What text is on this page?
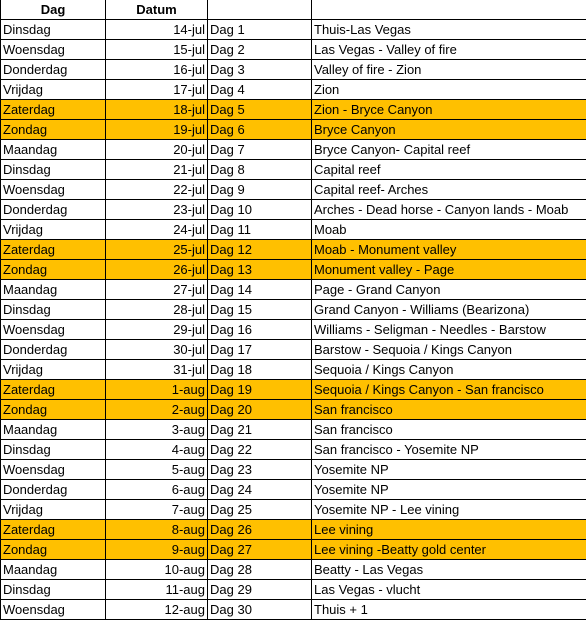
Dag	Datum		
Dinsdag	14-jul	Dag 1	Thuis-Las Vegas
Woensdag	15-jul	Dag 2	Las Vegas - Valley of fire
Donderdag	16-jul	Dag 3	Valley of fire - Zion
Vrijdag	17-jul	Dag 4	Zion
Zaterdag	18-jul	Dag 5	Zion - Bryce Canyon
Zondag	19-jul	Dag 6	Bryce Canyon
Maandag	20-jul	Dag 7	Bryce Canyon- Capital reef
Dinsdag	21-jul	Dag 8	Capital reef
Woensdag	22-jul	Dag 9	Capital reef- Arches
Donderdag	23-jul	Dag 10	Arches - Dead horse - Canyon lands - Moab
Vrijdag	24-jul	Dag 11	Moab
Zaterdag	25-jul	Dag 12	Moab - Monument valley
Zondag	26-jul	Dag 13	Monument valley - Page
Maandag	27-jul	Dag 14	Page - Grand Canyon
Dinsdag	28-jul	Dag 15	Grand Canyon - Williams (Bearizona)
Woensdag	29-jul	Dag 16	Williams - Seligman - Needles - Barstow
Donderdag	30-jul	Dag 17	Barstow - Sequoia / Kings Canyon
Vrijdag	31-jul	Dag 18	Sequoia / Kings Canyon
Zaterdag	1-aug	Dag 19	Sequoia / Kings Canyon - San francisco
Zondag	2-aug	Dag 20	San francisco
Maandag	3-aug	Dag 21	San francisco
Dinsdag	4-aug	Dag 22	San francisco - Yosemite NP
Woensdag	5-aug	Dag 23	Yosemite NP
Donderdag	6-aug	Dag 24	Yosemite NP
Vrijdag	7-aug	Dag 25	Yosemite NP - Lee vining
Zaterdag	8-aug	Dag 26	Lee vining
Zondag	9-aug	Dag 27	Lee vining -Beatty gold center
Maandag	10-aug	Dag 28	Beatty - Las Vegas
Dinsdag	11-aug	Dag 29	Las Vegas - vlucht
Woensdag	12-aug	Dag 30	Thuis + 1
